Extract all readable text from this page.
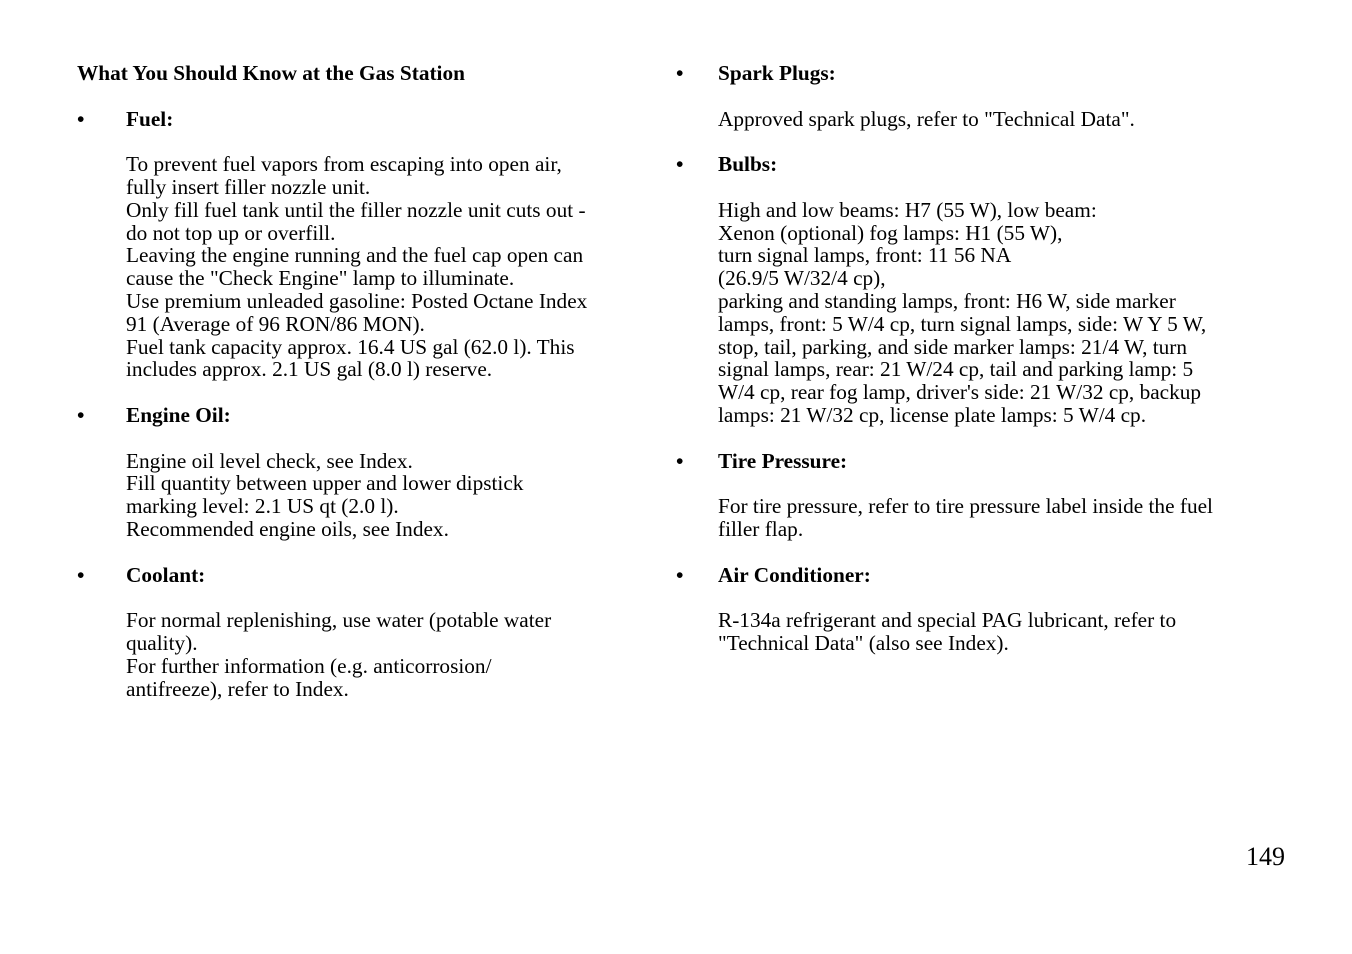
What You Should Know at the Gas Station
• Fuel:
To prevent fuel vapors from escaping into open air,
fully insert filler nozzle unit.
Only fill fuel tank until the filler nozzle unit cuts out -
do not top up or overfill.
Leaving the engine running and the fuel cap open can
cause the "Check Engine" lamp to illuminate.
Use premium unleaded gasoline: Posted Octane Index
91 (Average of 96 RON/86 MON).
Fuel tank capacity approx. 16.4 US gal (62.0 l). This
includes approx. 2.1 US gal (8.0 l) reserve.
• Engine Oil:
Engine oil level check, see Index.
Fill quantity between upper and lower dipstick
marking level: 2.1 US qt (2.0 l).
Recommended engine oils, see Index.
• Coolant:
For normal replenishing, use water (potable water
quality).
For further information (e.g. anticorrosion/
antifreeze), refer to Index.
• Spark Plugs:
Approved spark plugs, refer to "Technical Data".
• Bulbs:
High and low beams: H7 (55 W), low beam:
Xenon (optional) fog lamps: H1 (55 W),
turn signal lamps, front: 11 56 NA
(26.9/5 W/32/4 cp),
parking and standing lamps, front: H6 W, side marker
lamps, front: 5 W/4 cp, turn signal lamps, side: W Y 5 W,
stop, tail, parking, and side marker lamps: 21/4 W, turn
signal lamps, rear: 21 W/24 cp, tail and parking lamp: 5
W/4 cp, rear fog lamp, driver's side: 21 W/32 cp, backup
lamps: 21 W/32 cp, license plate lamps: 5 W/4 cp.
• Tire Pressure:
For tire pressure, refer to tire pressure label inside the fuel
filler flap.
• Air Conditioner:
R-134a refrigerant and special PAG lubricant, refer to
"Technical Data" (also see Index).
149
